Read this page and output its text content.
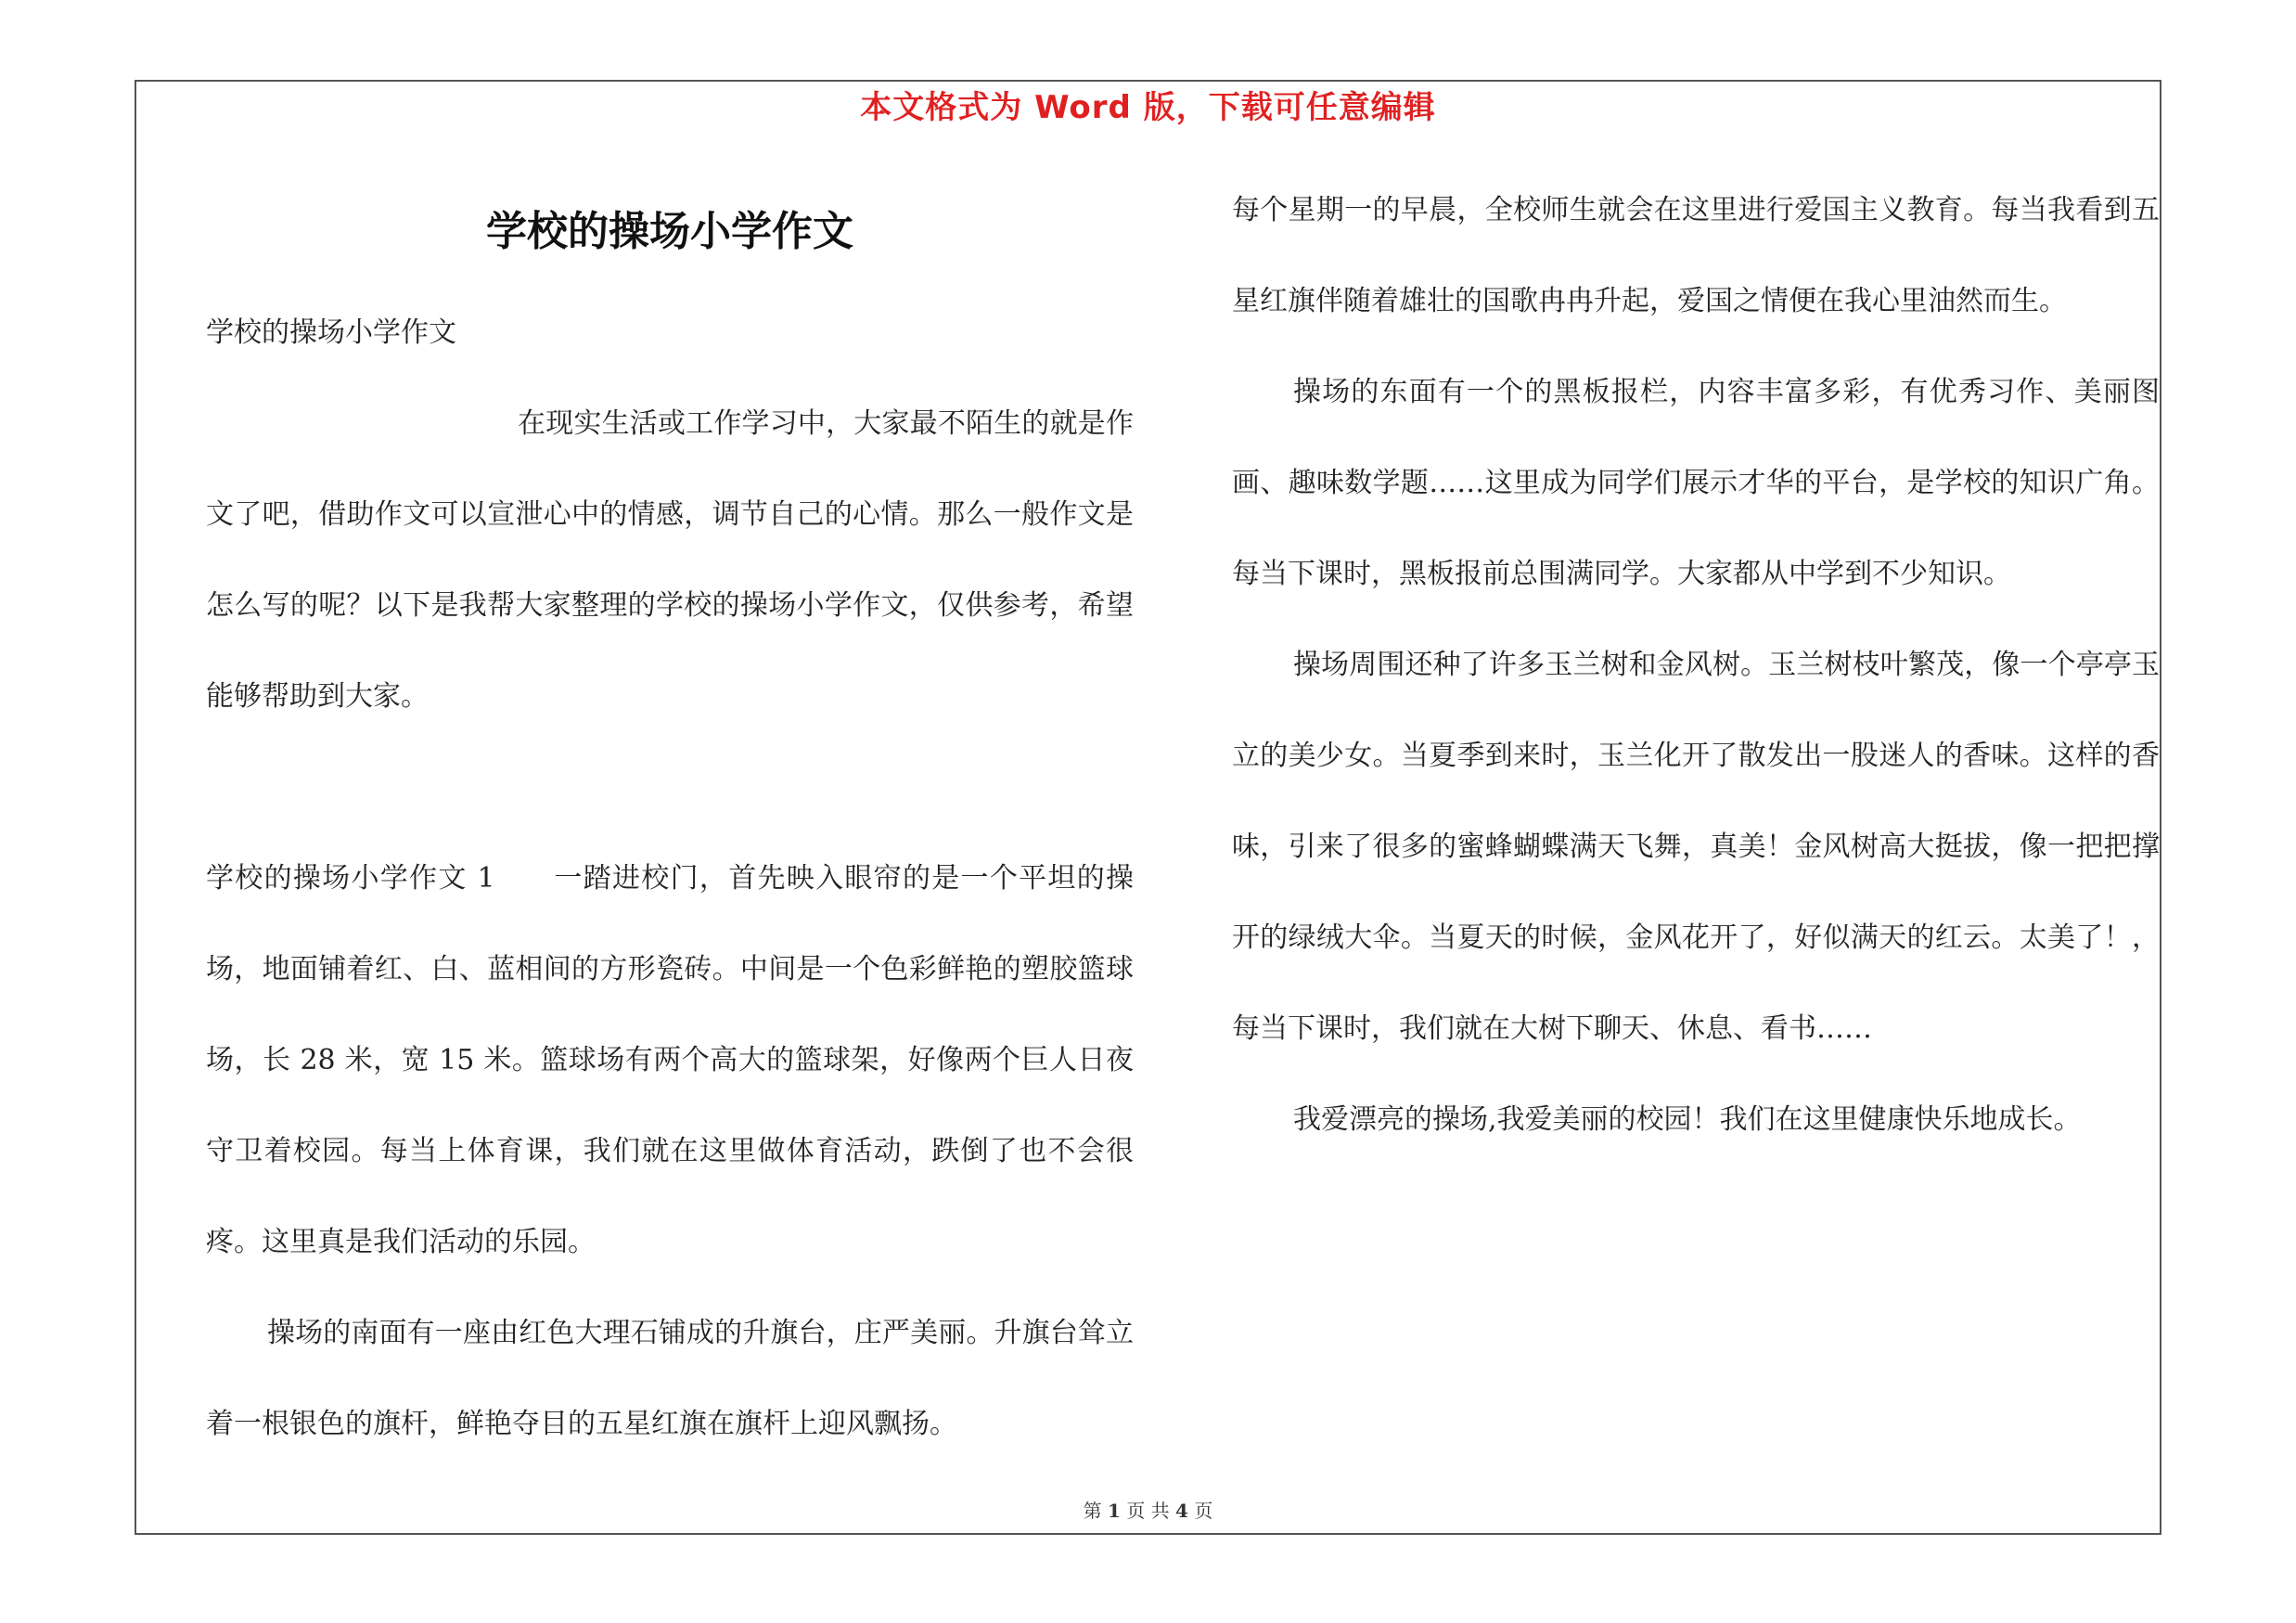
本文格式为 Word 版，下载可任意编辑
学校的操场小学作文

学校的操场小学作文

在现实生活或工作学习中，大家最不陌生的就是作文了吧，借助作文可以宣泄心中的情感，调节自己的心情。那么一般作文是怎么写的呢？以下是我帮大家整理的学校的操场小学作文，仅供参考，希望能够帮助到大家。

学校的操场小学作文 1　　一踏进校门，首先映入眼帘的是一个平坦的操场，地面铺着红、白、蓝相间的方形瓷砖。中间是一个色彩鲜艳的塑胶篮球场，长 28 米，宽 15 米。篮球场有两个高大的篮球架，好像两个巨人日夜守卫着校园。每当上体育课，我们就在这里做体育活动，跌倒了也不会很疼。这里真是我们活动的乐园。

操场的南面有一座由红色大理石铺成的升旗台，庄严美丽。升旗台耸立着一根银色的旗杆，鲜艳夺目的五星红旗在旗杆上迎风飘扬。

每个星期一的早晨，全校师生就会在这里进行爱国主义教育。每当我看到五星红旗伴随着雄壮的国歌冉冉升起，爱国之情便在我心里油然而生。

操场的东面有一个的黑板报栏，内容丰富多彩，有优秀习作、美丽图画、趣味数学题……这里成为同学们展示才华的平台，是学校的知识广角。每当下课时，黑板报前总围满同学。大家都从中学到不少知识。

操场周围还种了许多玉兰树和金风树。玉兰树枝叶繁茂，像一个亭亭玉立的美少女。当夏季到来时，玉兰化开了散发出一股迷人的香味。这样的香味，引来了很多的蜜蜂蝴蝶满天飞舞，真美！金风树高大挺拔，像一把把撑开的绿绒大伞。当夏天的时候，金风花开了，好似满天的红云。太美了！，每当下课时，我们就在大树下聊天、休息、看书……

我爱漂亮的操场,我爱美丽的校园！我们在这里健康快乐地成长。

第 1 页 共 4 页
